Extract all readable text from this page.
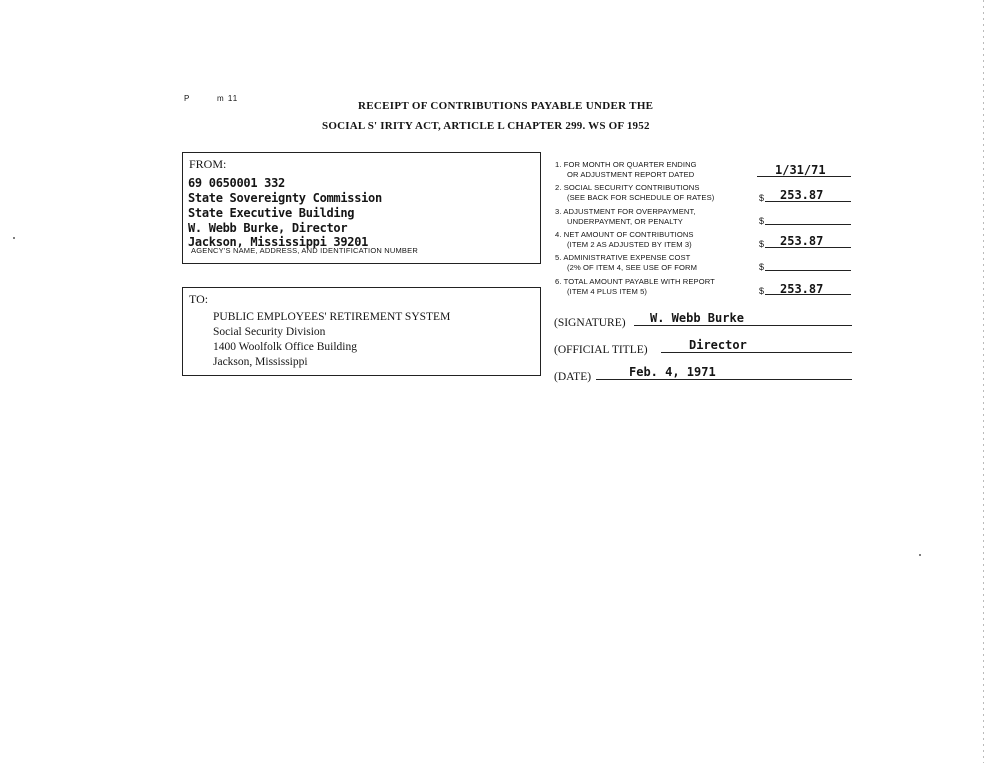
P	m 11
RECEIPT OF CONTRIBUTIONS PAYABLE UNDER THE
SOCIAL S' IRITY ACT, ARTICLE L CHAPTER 299. WS OF 1952
FROM:
69 0650001 332
State Sovereignty Commission
State Executive Building
W. Webb Burke, Director
Jackson, Mississippi 39201
AGENCY'S NAME, ADDRESS, AND IDENTIFICATION NUMBER
TO:
PUBLIC EMPLOYEES' RETIREMENT SYSTEM
Social Security Division
1400 Woolfolk Office Building
Jackson, Mississippi
1. FOR MONTH OR QUARTER ENDING
OR ADJUSTMENT REPORT DATED	1/31/71
2. SOCIAL SECURITY CONTRIBUTIONS
(SEE BACK FOR SCHEDULE OF RATES)	$ 253.87
3. ADJUSTMENT FOR OVERPAYMENT,
UNDERPAYMENT, OR PENALTY	$
4. NET AMOUNT OF CONTRIBUTIONS
(ITEM 2 AS ADJUSTED BY ITEM 3)	$ 253.87
5. ADMINISTRATIVE EXPENSE COST
(2% OF ITEM 4, SEE USE OF FORM	$
6. TOTAL AMOUNT PAYABLE WITH REPORT
(ITEM 4 PLUS ITEM 5)	$ 253.87
(SIGNATURE) W. Webb Burke
(OFFICIAL TITLE)	Director
(DATE)	Feb. 4, 1971
